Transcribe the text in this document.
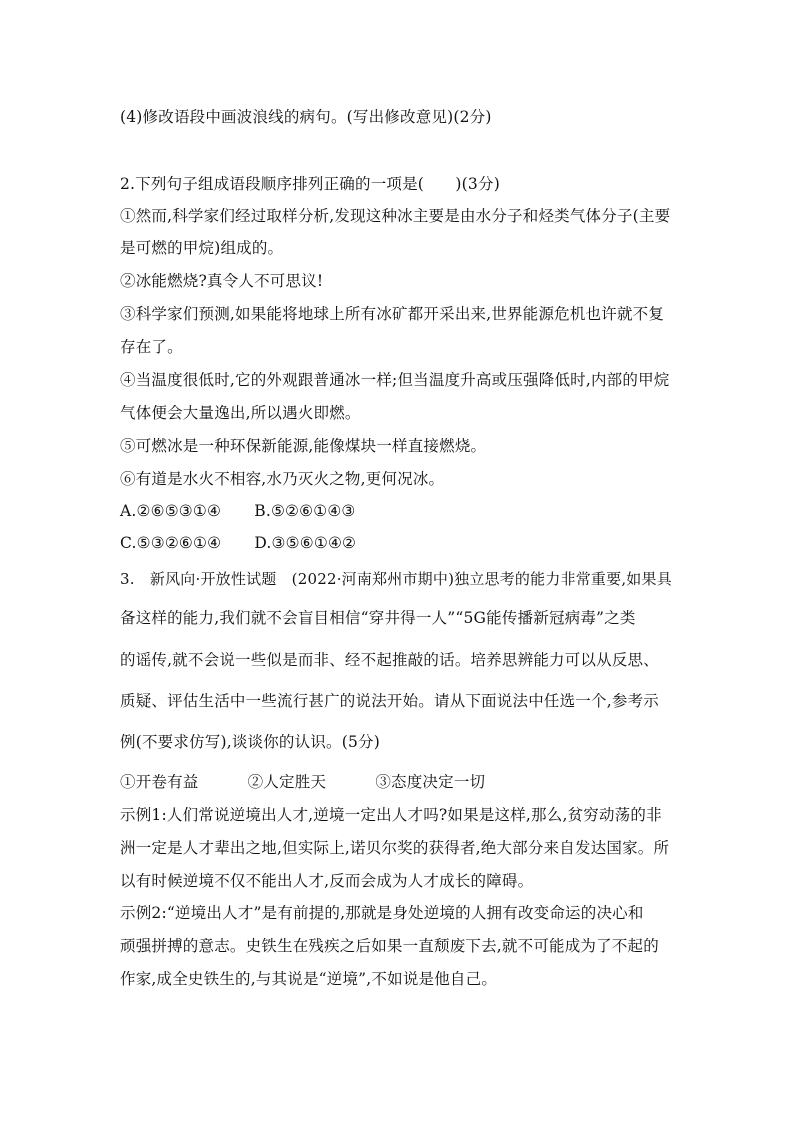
(4)修改语段中画波浪线的病句。(写出修改意见)(2分)
2.下列句子组成语段顺序排列正确的一项是(　　)(3分)
①然而,科学家们经过取样分析,发现这种冰主要是由水分子和烃类气体分子(主要
是可燃的甲烷)组成的。
②冰能燃烧?真令人不可思议!
③科学家们预测,如果能将地球上所有冰矿都开采出来,世界能源危机也许就不复
存在了。
④当温度很低时,它的外观跟普通冰一样;但当温度升高或压强降低时,内部的甲烷
气体便会大量逸出,所以遇火即燃。
⑤可燃冰是一种环保新能源,能像煤块一样直接燃烧。
⑥有道是水火不相容,水乃灭火之物,更何况冰。
A.②⑥⑤③①④ B.⑤②⑥①④③
C.⑤③②⑥①④ D.③⑤⑥①④②
3.　新风向·开放性试题　(2022·河南郑州市期中)独立思考的能力非常重要,如果具
备这样的能力,我们就不会盲目相信“穿井得一人”“5G能传播新冠病毒”之类
的谣传,就不会说一些似是而非、经不起推敲的话。培养思辨能力可以从反思、
质疑、评估生活中一些流行甚广的说法开始。请从下面说法中任选一个,参考示
例(不要求仿写),谈谈你的认识。(5分)
①开卷有益	②人定胜天	③态度决定一切
示例1:人们常说逆境出人才,逆境一定出人才吗?如果是这样,那么,贫穷动荡的非
洲一定是人才辈出之地,但实际上,诺贝尔奖的获得者,绝大部分来自发达国家。所
以有时候逆境不仅不能出人才,反而会成为人才成长的障碍。
示例2:“逆境出人才”是有前提的,那就是身处逆境的人拥有改变命运的决心和
顽强拼搏的意志。史铁生在残疾之后如果一直颓废下去,就不可能成为了不起的
作家,成全史铁生的,与其说是“逆境”,不如说是他自己。
